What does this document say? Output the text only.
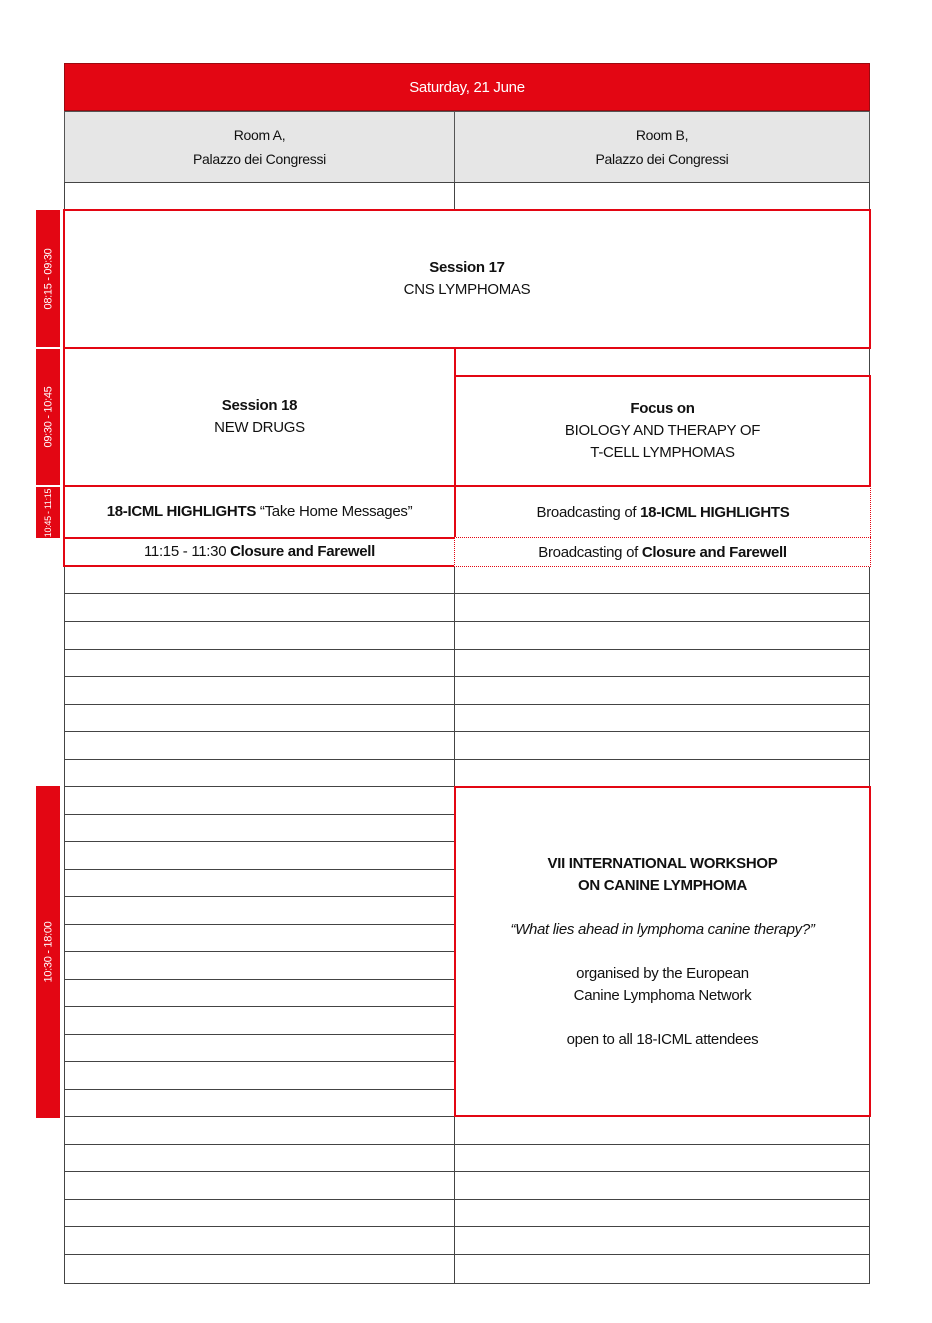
Saturday, 21 June
Room A,
Palazzo dei Congressi
Room B,
Palazzo dei Congressi
08:15 - 09:30
09:30 - 10:45
10:45 - 11:15
10:30 - 18:00
Session 17
CNS LYMPHOMAS
Session 18
NEW DRUGS
Focus on
BIOLOGY AND THERAPY OF
T-CELL LYMPHOMAS
18-ICML HIGHLIGHTS “Take Home Messages”	Broadcasting of 18-ICML HIGHLIGHTS
11:15 - 11:30 Closure and Farewell	Broadcasting of Closure and Farewell
VII INTERNATIONAL WORKSHOP
ON CANINE LYMPHOMA
“What lies ahead in lymphoma canine therapy?”
organised by the European
Canine Lymphoma Network
open to all 18-ICML attendees
